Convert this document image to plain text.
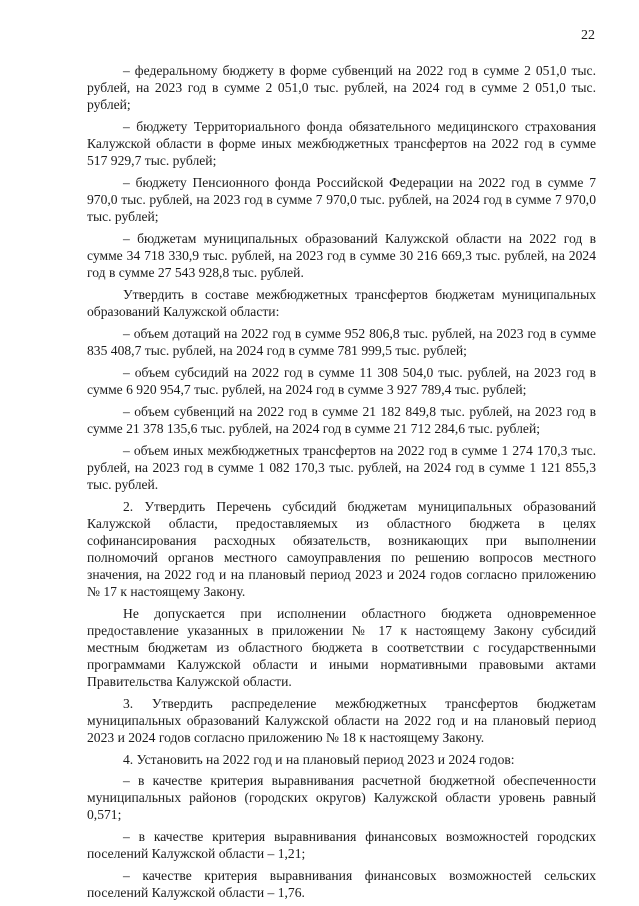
22

– федеральному бюджету в форме субвенций на 2022 год в сумме 2 051,0 тыс. рублей, на 2023 год в сумме 2 051,0 тыс. рублей, на 2024 год в сумме 2 051,0 тыс. рублей;

– бюджету Территориального фонда обязательного медицинского страхования Калужской области в форме иных межбюджетных трансфертов на 2022 год в сумме 517 929,7 тыс. рублей;

– бюджету Пенсионного фонда Российской Федерации на 2022 год в сумме 7 970,0 тыс. рублей, на 2023 год в сумме 7 970,0 тыс. рублей, на 2024 год в сумме 7 970,0 тыс. рублей;

– бюджетам муниципальных образований Калужской области на 2022 год в сумме 34 718 330,9 тыс. рублей, на 2023 год в сумме 30 216 669,3 тыс. рублей, на 2024 год в сумме 27 543 928,8 тыс. рублей.

Утвердить в составе межбюджетных трансфертов бюджетам муниципальных образований Калужской области:

– объем дотаций на 2022 год в сумме 952 806,8 тыс. рублей, на 2023 год в сумме 835 408,7 тыс. рублей, на 2024 год в сумме 781 999,5 тыс. рублей;

– объем субсидий на 2022 год в сумме 11 308 504,0 тыс. рублей, на 2023 год в сумме 6 920 954,7 тыс. рублей, на 2024 год в сумме 3 927 789,4 тыс. рублей;

– объем субвенций на 2022 год в сумме 21 182 849,8 тыс. рублей, на 2023 год в сумме 21 378 135,6 тыс. рублей, на 2024 год в сумме 21 712 284,6 тыс. рублей;

– объем иных межбюджетных трансфертов на 2022 год в сумме 1 274 170,3 тыс. рублей, на 2023 год в сумме 1 082 170,3 тыс. рублей, на 2024 год в сумме 1 121 855,3 тыс. рублей.

2. Утвердить Перечень субсидий бюджетам муниципальных образований Калужской области, предоставляемых из областного бюджета в целях софинансирования расходных обязательств, возникающих при выполнении полномочий органов местного самоуправления по решению вопросов местного значения, на 2022 год и на плановый период 2023 и 2024 годов согласно приложению № 17 к настоящему Закону.

Не допускается при исполнении областного бюджета одновременное предоставление указанных в приложении № 17 к настоящему Закону субсидий местным бюджетам из областного бюджета в соответствии с государственными программами Калужской области и иными нормативными правовыми актами Правительства Калужской области.

3. Утвердить распределение межбюджетных трансфертов бюджетам муниципальных образований Калужской области на 2022 год и на плановый период 2023 и 2024 годов согласно приложению № 18 к настоящему Закону.

4. Установить на 2022 год и на плановый период 2023 и 2024 годов:

– в качестве критерия выравнивания расчетной бюджетной обеспеченности муниципальных районов (городских округов) Калужской области уровень равный 0,571;

– в качестве критерия выравнивания финансовых возможностей городских поселений Калужской области – 1,21;

– качестве критерия выравнивания финансовых возможностей сельских поселений Калужской области – 1,76.
